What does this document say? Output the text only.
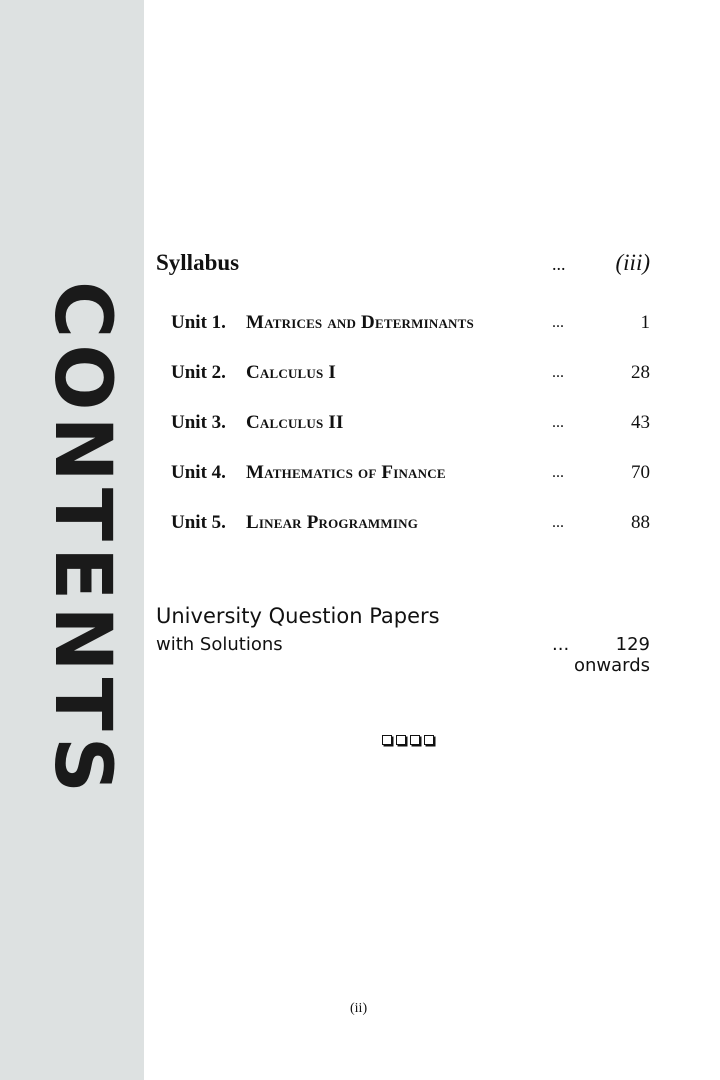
CONTENTS
Syllabus	... (iii)
Unit 1. Matrices and Determinants	...	1
Unit 2. Calculus I	...	28
Unit 3. Calculus II	...	43
Unit 4. Mathematics of Finance	...	70
Unit 5. Linear Programming	...	88
University Question Papers
with Solutions	...	129
onwards
(ii)
